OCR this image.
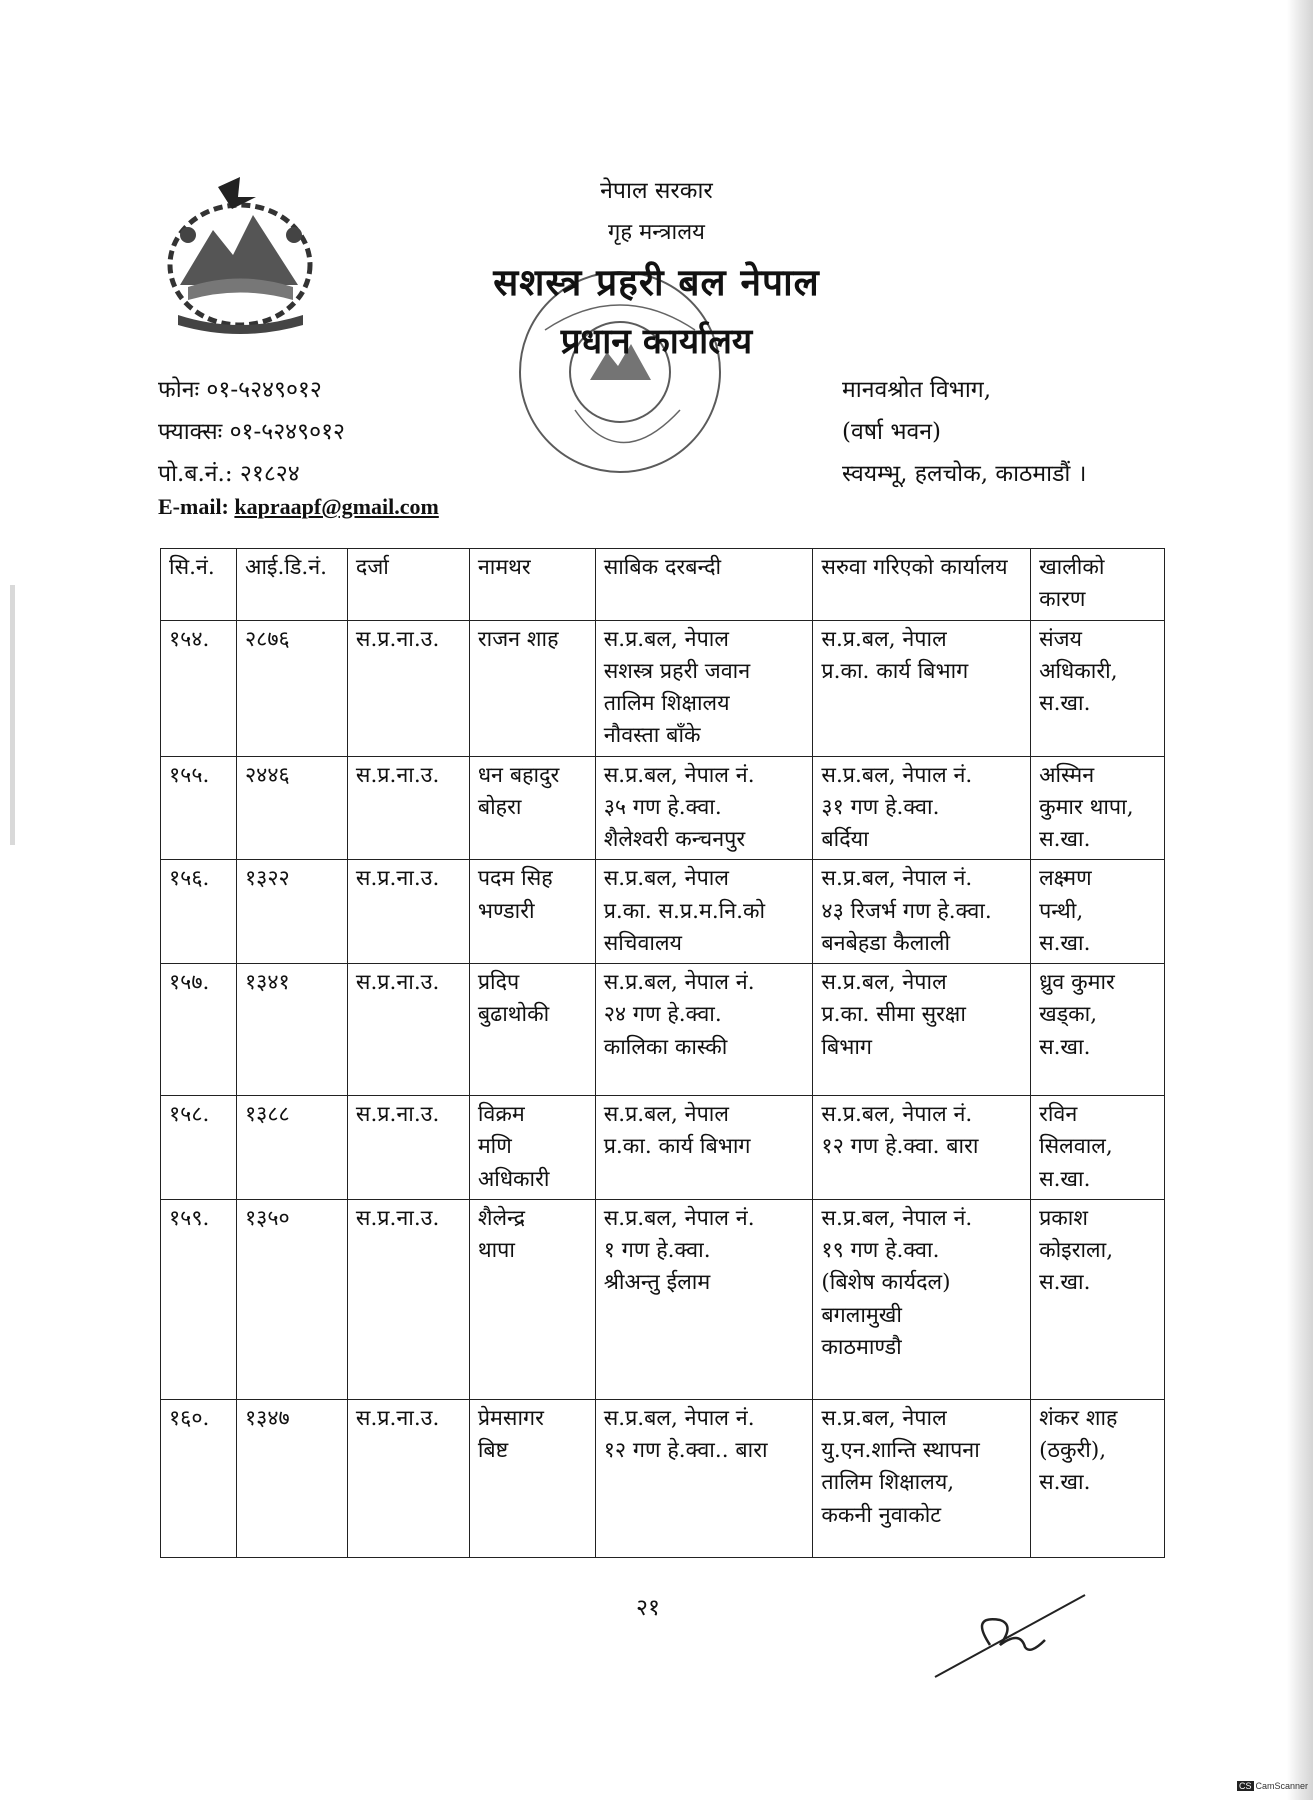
नेपाल सरकार
गृह मन्त्रालय
सशस्त्र प्रहरी बल नेपाल
प्रधान कार्यालय
फोनः ०१-५२४९०१२
फ्याक्सः ०१-५२४९०१२
पो.ब.नं.: २१८२४
E-mail: kapraapf@gmail.com
मानवश्रोत विभाग,
(वर्षा भवन)
स्वयम्भू, हलचोक, काठमाडौं ।
सि.नं.	आई.डि.नं.	दर्जा	नामथर	साबिक दरबन्दी	सरुवा गरिएको कार्यालय	खालीको कारण
१५४.	२८७६	स.प्र.ना.उ.	राजन शाह	स.प्र.बल, नेपाल
सशस्त्र प्रहरी जवान
तालिम शिक्षालय
नौवस्ता बाँके	स.प्र.बल, नेपाल
प्र.का. कार्य बिभाग	संजय
अधिकारी,
स.खा.
१५५.	२४४६	स.प्र.ना.उ.	धन बहादुर
बोहरा	स.प्र.बल, नेपाल नं.
३५ गण हे.क्वा.
शैलेश्वरी कन्चनपुर	स.प्र.बल, नेपाल नं.
३१ गण हे.क्वा.
बर्दिया	अस्मिन
कुमार थापा,
स.खा.
१५६.	१३२२	स.प्र.ना.उ.	पदम सिह
भण्डारी	स.प्र.बल, नेपाल
प्र.का. स.प्र.म.नि.को
सचिवालय	स.प्र.बल, नेपाल नं.
४३ रिजर्भ गण हे.क्वा.
बनबेहडा कैलाली	लक्ष्मण
पन्थी,
स.खा.
१५७.	१३४१	स.प्र.ना.उ.	प्रदिप
बुढाथोकी	स.प्र.बल, नेपाल नं.
२४ गण हे.क्वा.
कालिका कास्की	स.प्र.बल, नेपाल
प्र.का. सीमा सुरक्षा
बिभाग	ध्रुव कुमार
खड्का,
स.खा.
१५८.	१३८८	स.प्र.ना.उ.	विक्रम
मणि
अधिकारी	स.प्र.बल, नेपाल
प्र.का. कार्य बिभाग	स.प्र.बल, नेपाल नं.
१२ गण हे.क्वा. बारा	रविन
सिलवाल,
स.खा.
१५९.	१३५०	स.प्र.ना.उ.	शैलेन्द्र
थापा	स.प्र.बल, नेपाल नं.
१ गण हे.क्वा.
श्रीअन्तु ईलाम	स.प्र.बल, नेपाल नं.
१९ गण हे.क्वा.
(बिशेष कार्यदल)
बगलामुखी
काठमाण्डौ	प्रकाश
कोइराला,
स.खा.
१६०.	१३४७	स.प्र.ना.उ.	प्रेमसागर
बिष्ट	स.प्र.बल, नेपाल नं.
१२ गण हे.क्वा.. बारा	स.प्र.बल, नेपाल
यु.एन.शान्ति स्थापना
तालिम शिक्षालय,
ककनी नुवाकोट	शंकर शाह
(ठकुरी),
स.खा.
२१
CS CamScanner
